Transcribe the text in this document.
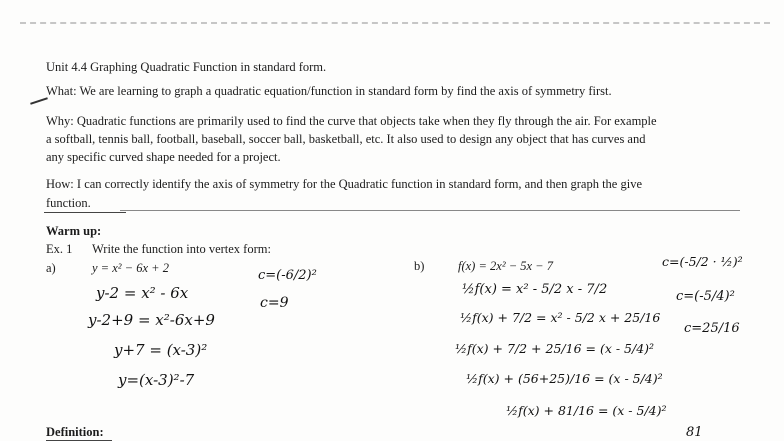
Unit 4.4 Graphing Quadratic Function in standard form.
What: We are learning to graph a quadratic equation/function in standard form by find the axis of symmetry first.
Why: Quadratic functions are primarily used to find the curve that objects take when they fly through the air. For example
a softball, tennis ball, football, baseball, soccer ball, basketball, etc. It also used to design any object that has curves and
any specific curved shape needed for a project.
How: I can correctly identify the axis of symmetry for the Quadratic function in standard form, and then graph the give
function.
Warm up:
Ex. 1 Write the function into vertex form:
a)	y = x² − 6x + 2	b)	f(x) = 2x² − 5x − 7
y-2 = x² - 6x
y-2+9 = x²-6x+9
y+7 = (x-3)²
y=(x-3)²-7
c=(-6/2)²
c=9
½f(x) = x² - 5/2 x - 7/2
½f(x) + 7/2 = x² - 5/2 x + 25/16
½f(x) + 7/2 + 25/16 = (x - 5/4)²
½f(x) + (56+25)/16 = (x - 5/4)²
½f(x) + 81/16 = (x - 5/4)²
c=(-5/2 · ½)²
c=(-5/4)²
c=25/16
81
Definition:
